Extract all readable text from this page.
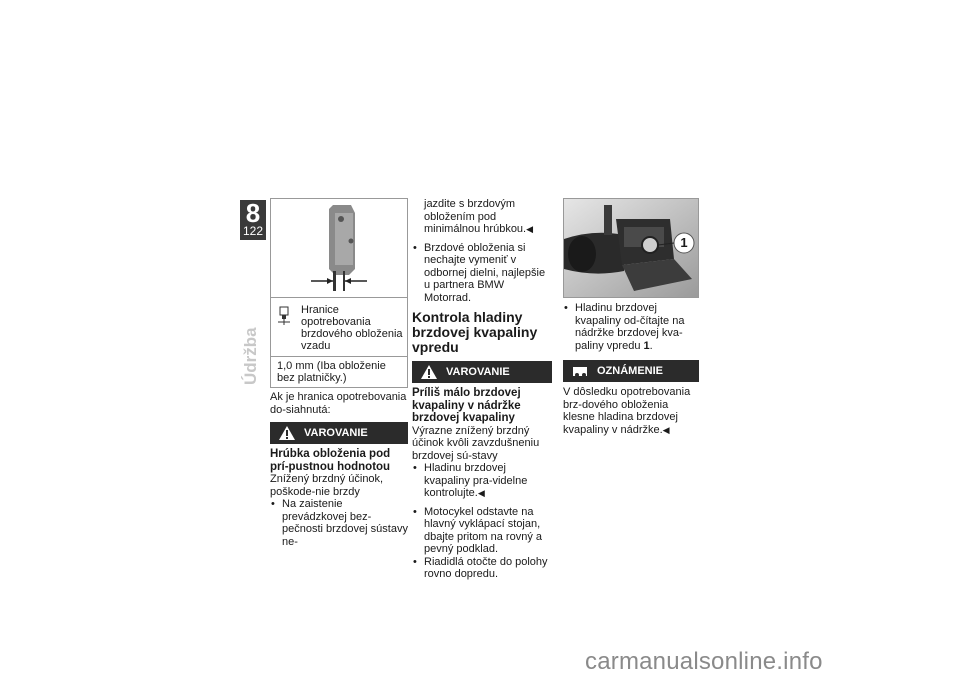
8
122
Údržba
Hranice opotrebovania brzdového obloženia vzadu
1,0 mm (Iba obloženie bez platničky.)

Ak je hranica opotrebovania do-siahnutá:

VAROVANIE
Hrúbka obloženia pod prí-pustnou hodnotou

Znížený brzdný účinok, poškode-nie brzdy

• Na zaistenie prevádzkovej bez-pečnosti brzdovej sústavy ne-

jazdite s brzdovým obložením pod minimálnou hrúbkou.◀

• Brzdové obloženia si nechajte vymeniť v odbornej dielni, najlepšie u partnera BMW Motorrad.
Kontrola hladiny brzdovej kvapaliny vpredu
VAROVANIE
Príliš málo brzdovej kvapaliny v nádržke brzdovej kvapaliny

Výrazne znížený brzdný účinok kvôli zavzdušneniu brzdovej sú-stavy

• Hladinu brzdovej kvapaliny pra-videlne kontrolujte.◀
• Motocykel odstavte na hlavný vyklápací stojan, dbajte pritom na rovný a pevný podklad.
• Riadidlá otočte do polohy rovno dopredu.
1
• Hladinu brzdovej kvapaliny od-čítajte na nádržke brzdovej kva-paliny vpredu 1.
OZNÁMENIE

V dôsledku opotrebovania brz-dového obloženia klesne hladina brzdovej kvapaliny v nádržke.◀

carmanualsonline.info
